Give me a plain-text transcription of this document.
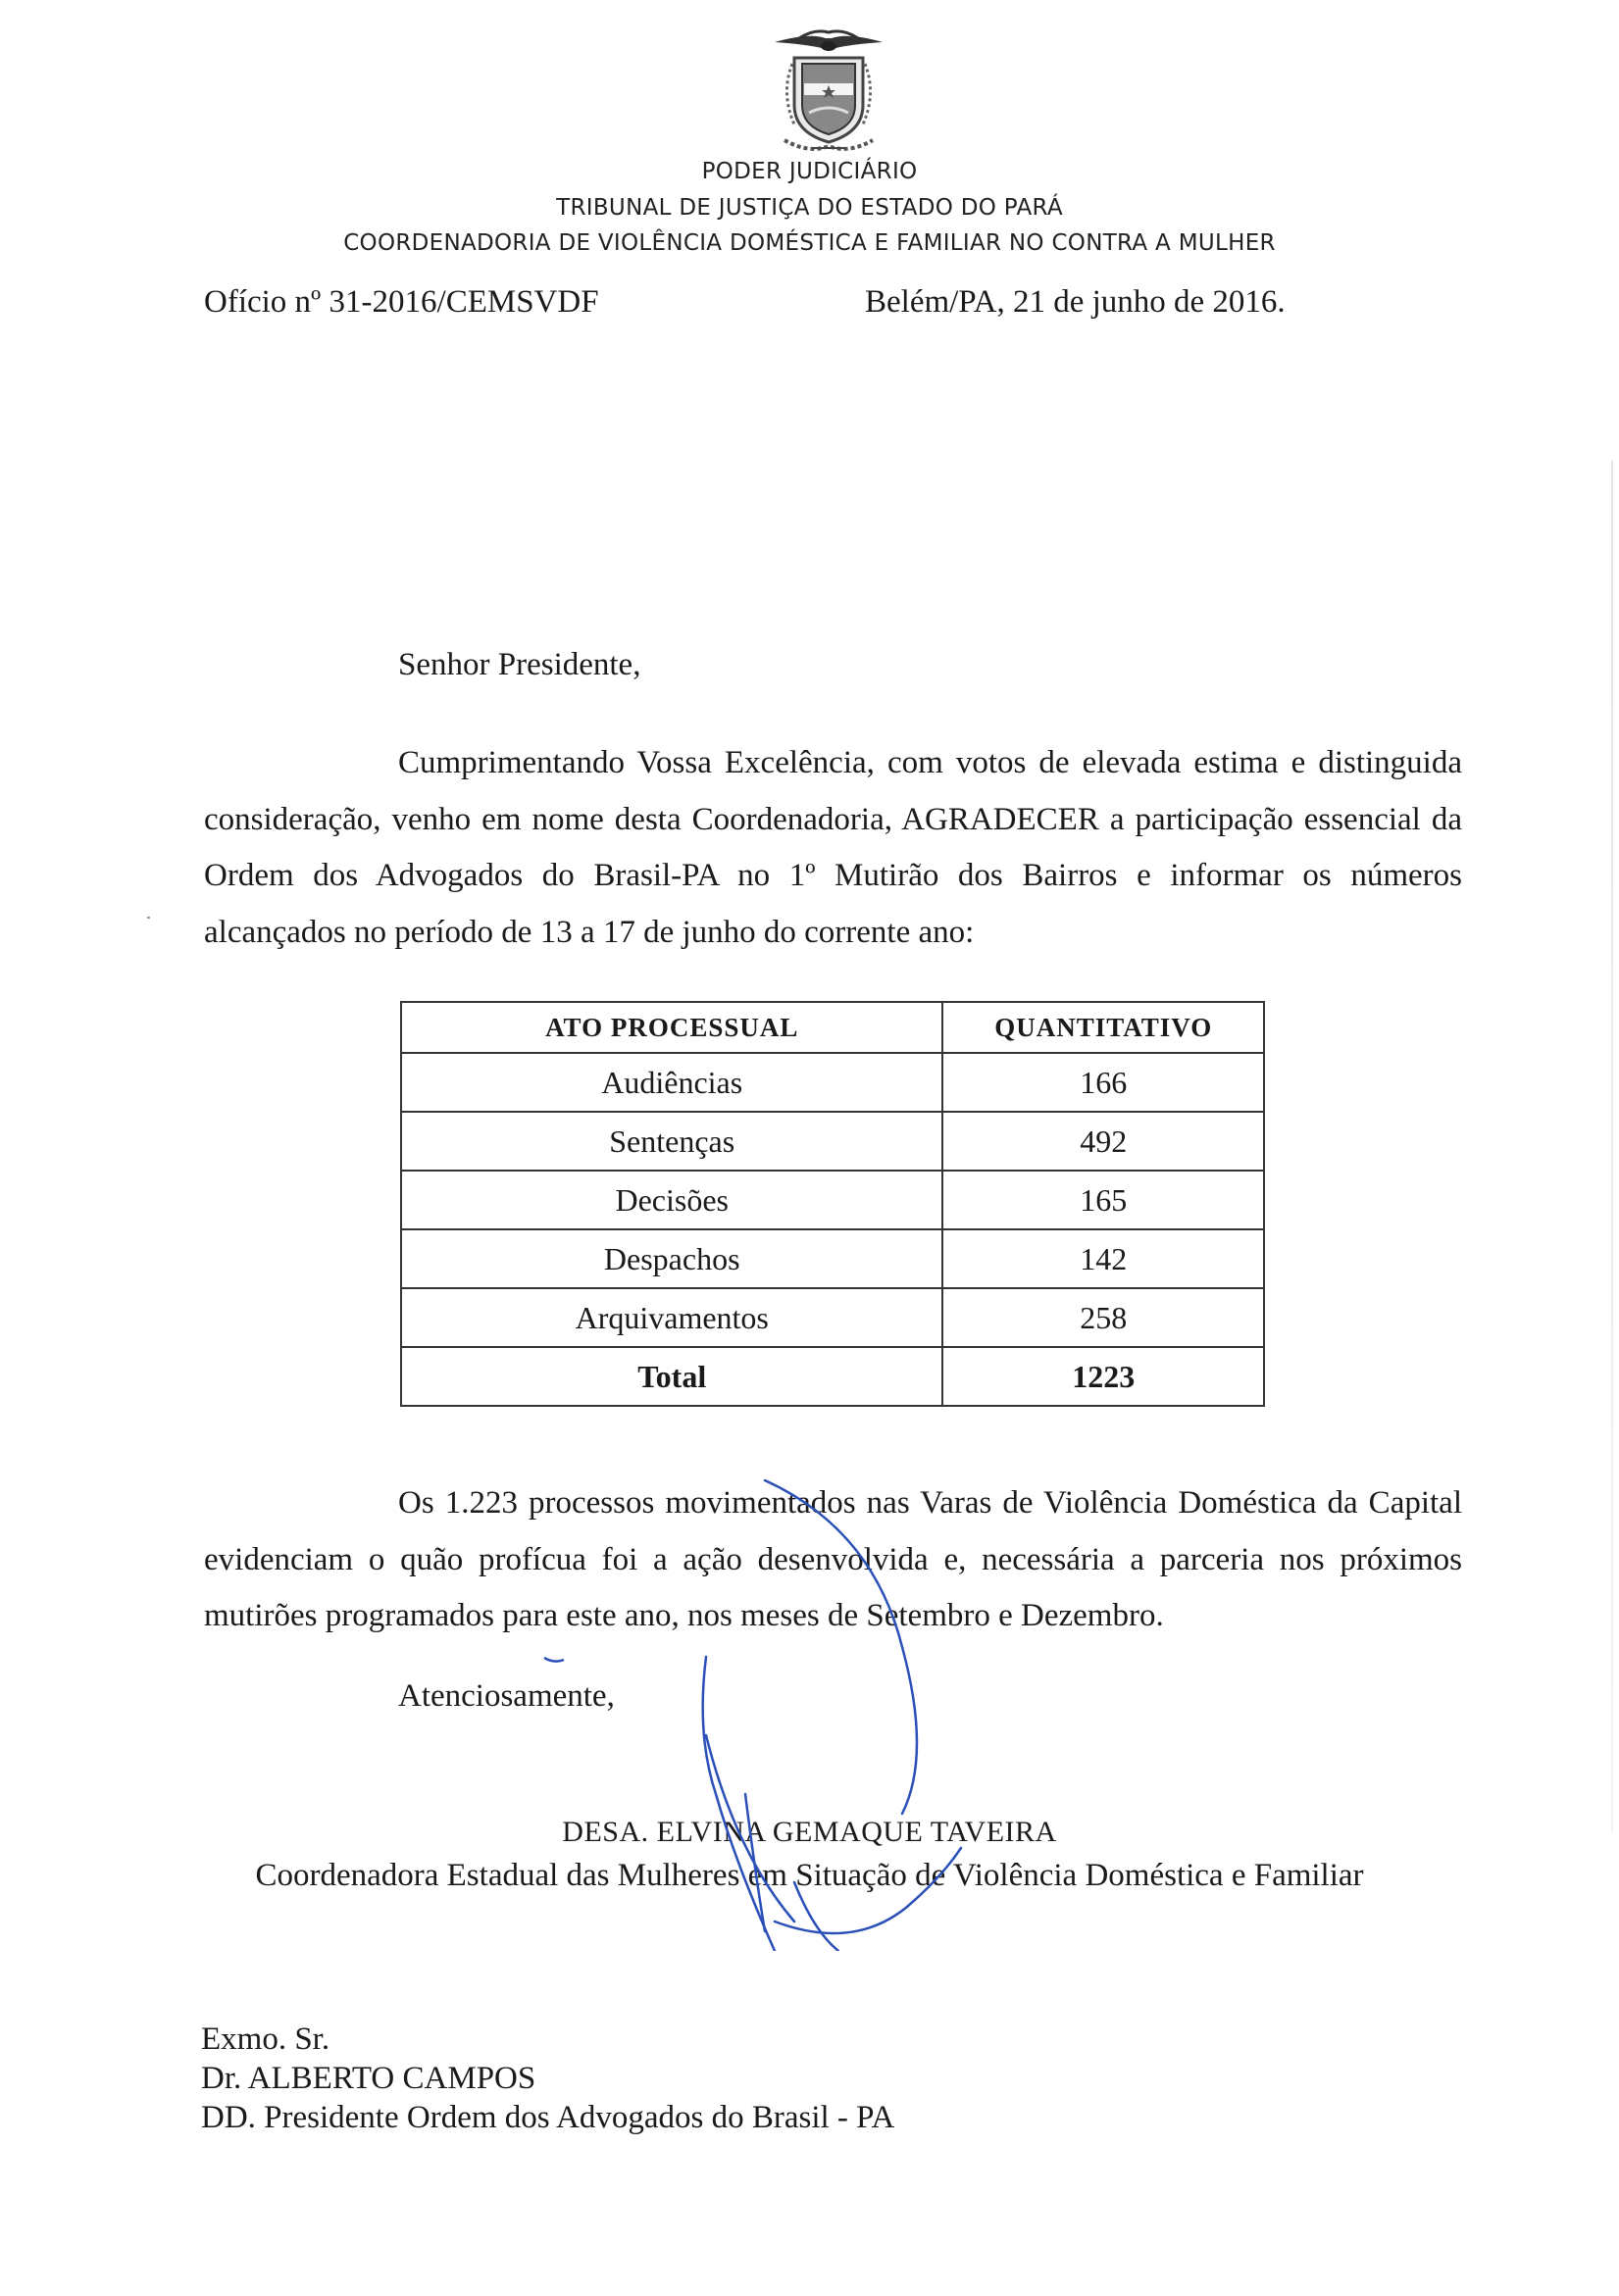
PODER JUDICIÁRIO
TRIBUNAL DE JUSTIÇA DO ESTADO DO PARÁ
COORDENADORIA DE VIOLÊNCIA DOMÉSTICA E FAMILIAR NO CONTRA A MULHER
Ofício nº 31-2016/CEMSVDF	Belém/PA, 21 de junho de 2016.
Senhor Presidente,
Cumprimentando Vossa Excelência, com votos de elevada estima e distinguida consideração, venho em nome desta Coordenadoria, AGRADECER a participação essencial da Ordem dos Advogados do Brasil-PA no 1º Mutirão dos Bairros e informar os números alcançados no período de 13 a 17 de junho do corrente ano:
ATO PROCESSUAL	QUANTITATIVO
Audiências	166
Sentenças	492
Decisões	165
Despachos	142
Arquivamentos	258
Total	1223
Os 1.223 processos movimentados nas Varas de Violência Doméstica da Capital evidenciam o quão profícua foi a ação desenvolvida e, necessária a parceria nos próximos mutirões programados para este ano, nos meses de Setembro e Dezembro.
Atenciosamente,
DESA. ELVINA GEMAQUE TAVEIRA
Coordenadora Estadual das Mulheres em Situação de Violência Doméstica e Familiar
Exmo. Sr.
Dr. ALBERTO CAMPOS
DD. Presidente Ordem dos Advogados do Brasil - PA
